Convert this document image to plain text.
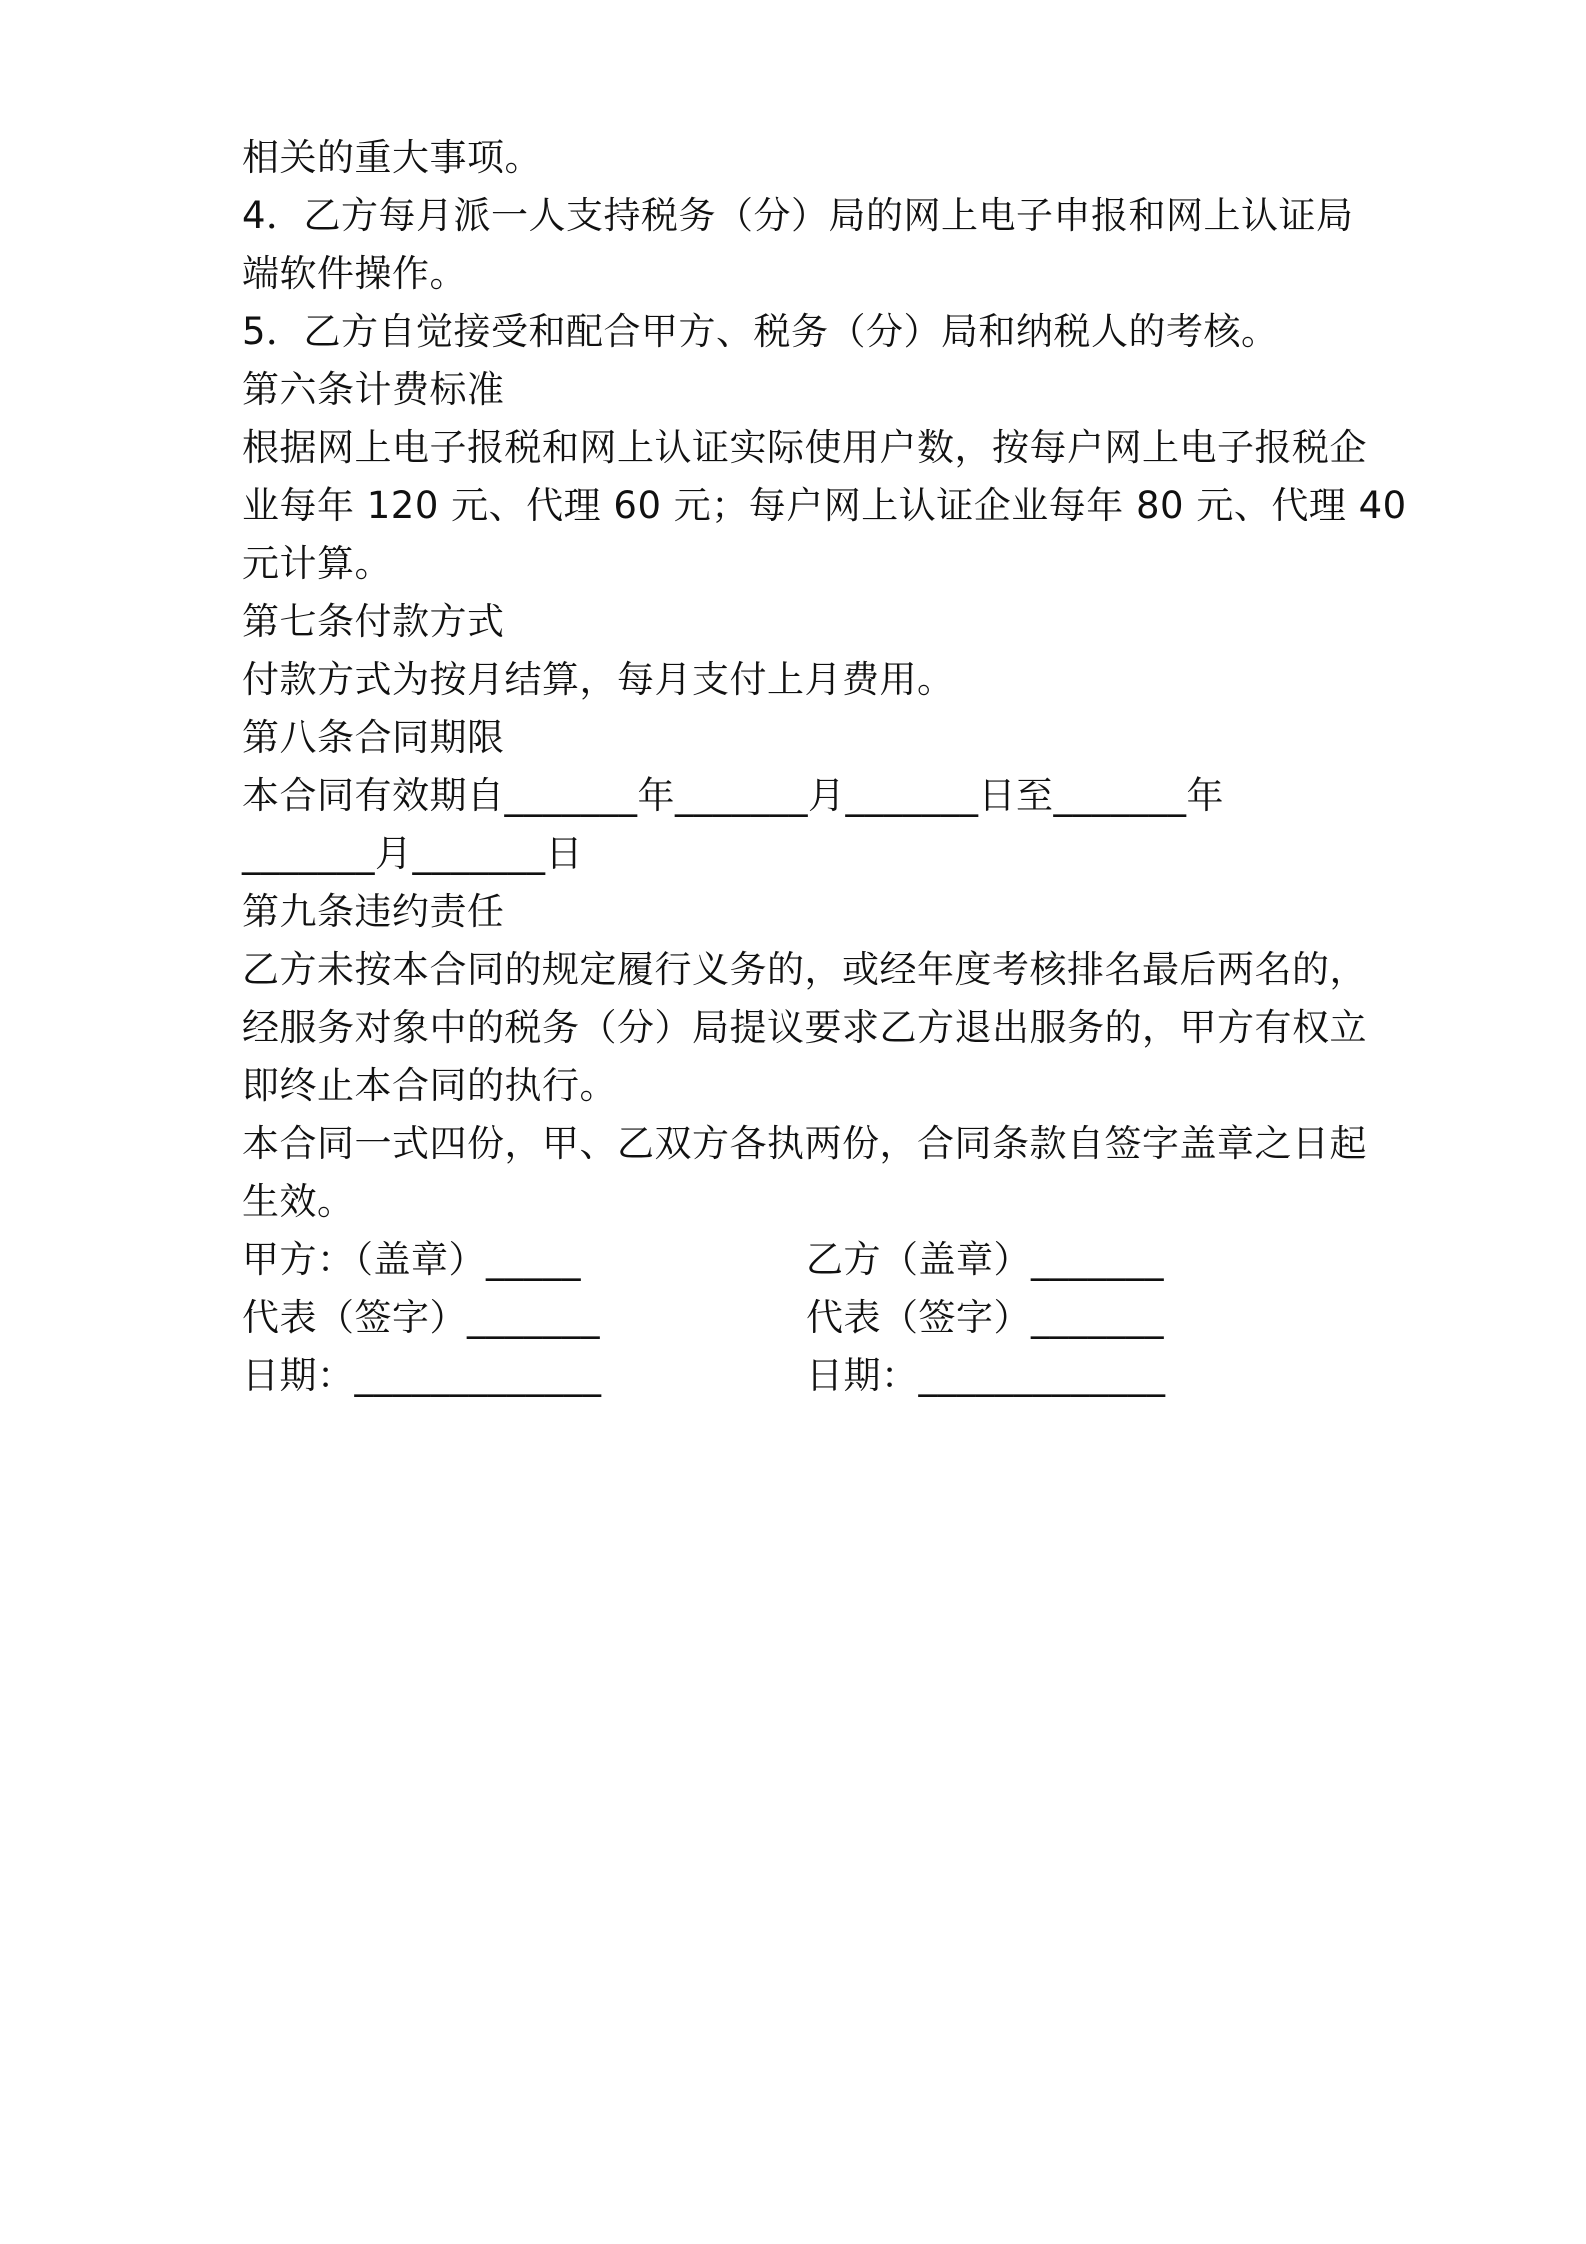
相关的重大事项。
4．乙方每月派一人支持税务（分）局的网上电子申报和网上认证局
端软件操作。
5．乙方自觉接受和配合甲方、税务（分）局和纳税人的考核。
第六条计费标准
根据网上电子报税和网上认证实际使用户数，按每户网上电子报税企
业每年 120 元、代理 60 元；每户网上认证企业每年 80 元、代理 40
元计算。
第七条付款方式
付款方式为按月结算，每月支付上月费用。
第八条合同期限
本合同有效期自_______年_______月_______日至_______年
_______月_______日
第九条违约责任
乙方未按本合同的规定履行义务的，或经年度考核排名最后两名的，
经服务对象中的税务（分）局提议要求乙方退出服务的，甲方有权立
即终止本合同的执行。
本合同一式四份，甲、乙双方各执两份，合同条款自签字盖章之日起
生效。
甲方：（盖章）_____	乙方（盖章）_______
代表（签字）_______	代表（签字）_______
日期：_____________	日期：_____________
